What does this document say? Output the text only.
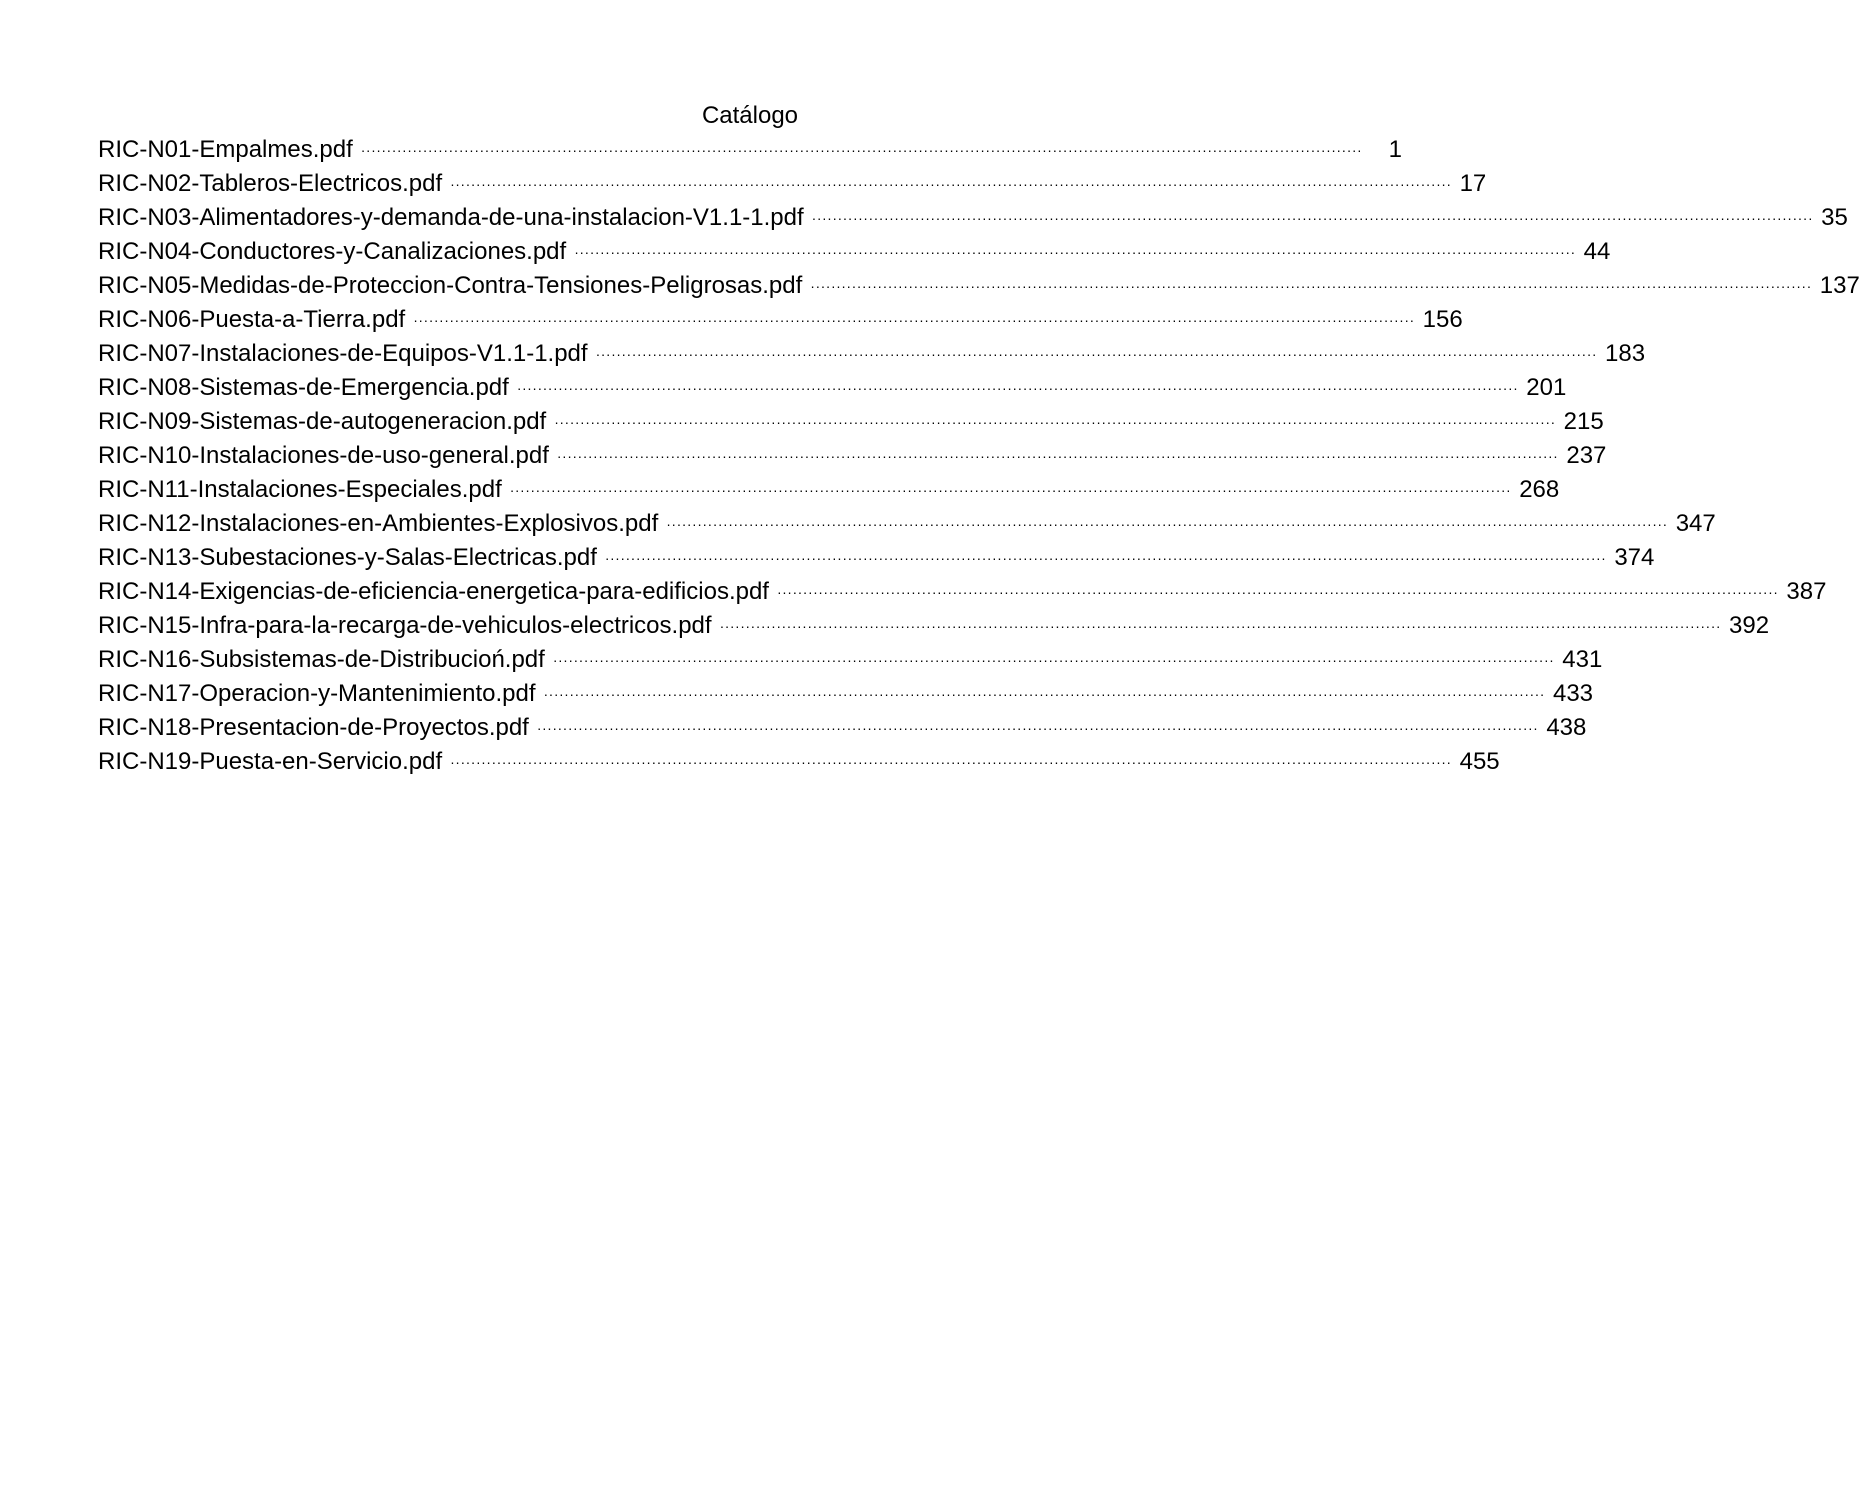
Catálogo
RIC-N01-Empalmes.pdf ··································································································································································································	1
RIC-N02-Tableros-Electricos.pdf ·································································································································································································· 17
RIC-N03-Alimentadores-y-demanda-de-una-instalacion-V1.1-1.pdf ·································································································································································································· 35
RIC-N04-Conductores-y-Canalizaciones.pdf ·································································································································································································· 44
RIC-N05-Medidas-de-Proteccion-Contra-Tensiones-Peligrosas.pdf ·································································································································································································· 137
RIC-N06-Puesta-a-Tierra.pdf ·································································································································································································· 156
RIC-N07-Instalaciones-de-Equipos-V1.1-1.pdf ·································································································································································································· 183
RIC-N08-Sistemas-de-Emergencia.pdf ·································································································································································································· 201
RIC-N09-Sistemas-de-autogeneracion.pdf ·································································································································································································· 215
RIC-N10-Instalaciones-de-uso-general.pdf ·································································································································································································· 237
RIC-N11-Instalaciones-Especiales.pdf ·································································································································································································· 268
RIC-N12-Instalaciones-en-Ambientes-Explosivos.pdf ·································································································································································································· 347
RIC-N13-Subestaciones-y-Salas-Electricas.pdf ·································································································································································································· 374
RIC-N14-Exigencias-de-eficiencia-energetica-para-edificios.pdf ·································································································································································································· 387
RIC-N15-Infra-para-la-recarga-de-vehiculos-electricos.pdf ·································································································································································································· 392
RIC-N16-Subsistemas-de-Distribucioń.pdf ·································································································································································································· 431
RIC-N17-Operacion-y-Mantenimiento.pdf ·································································································································································································· 433
RIC-N18-Presentacion-de-Proyectos.pdf ·································································································································································································· 438
RIC-N19-Puesta-en-Servicio.pdf ·································································································································································································· 455
